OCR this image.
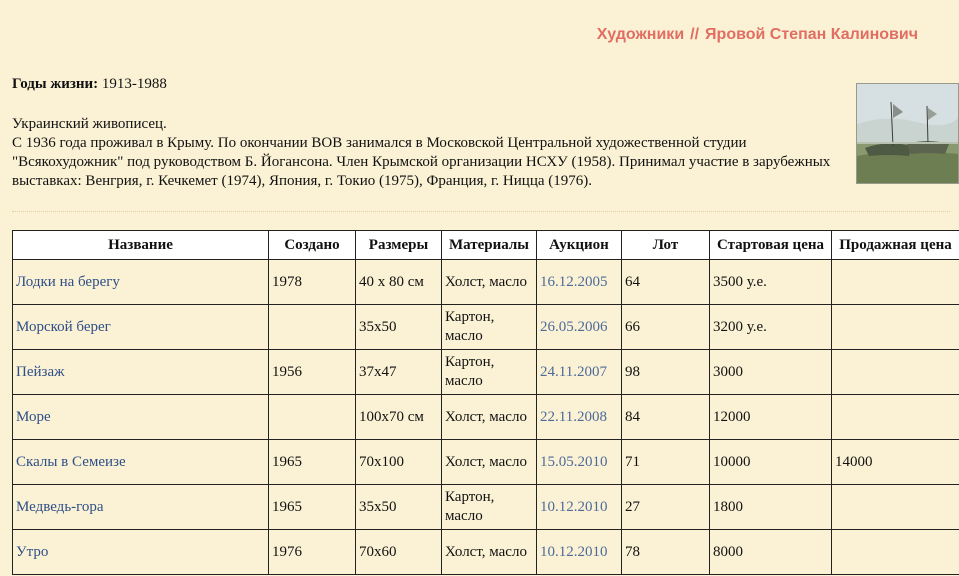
Художники // Яровой Степан Калинович
Годы жизни: 1913-1988

Украинский живописец.

С 1936 года проживал в Крыму. По окончании ВОВ занимался в Московской Центральной художественной студии "Всякохудожник" под руководством Б. Йогансона. Член Крымской организации НСХУ (1958). Принимал участие в зарубежных выставках: Венгрия, г. Кечкемет (1974), Япония, г. Токио (1975), Франция, г. Ницца (1976).

Название	Создано	Размеры	Материалы	Аукцион	Лот	Стартовая цена	Продажная цена
Лодки на берегу	1978	40 x 80 см	Холст, масло	16.12.2005	64	3500 у.е.	
Морской берег		35x50	Картон, масло	26.05.2006	66	3200 у.е.	
Пейзаж	1956	37x47	Картон, масло	24.11.2007	98	3000	
Море		100x70 см	Холст, масло	22.11.2008	84	12000	
Скалы в Семеизе	1965	70x100	Холст, масло	15.05.2010	71	10000	14000
Медведь-гора	1965	35x50	Картон, масло	10.12.2010	27	1800	
Утро	1976	70x60	Холст, масло	10.12.2010	78	8000	
